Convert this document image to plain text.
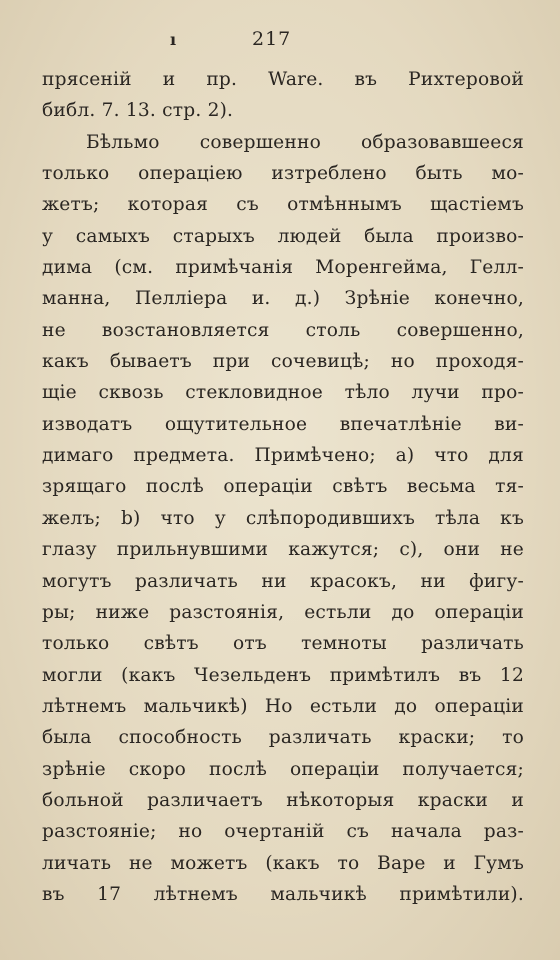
ı	217
прясеній и пр. Ware. въ Рихтеровой
библ. 7. 13. стр. 2).
Бѣльмо совершенно образовавшееся
только операціею изтреблено быть мо-
жетъ; которая съ отмѣннымъ щастіемъ
у самыхъ старыхъ людей была произво-
дима (см. примѣчанія Моренгейма, Гелл-
манна, Пеллiера и. д.) Зрѣніе конечно,
не возстановляется столь совершенно,
какъ бываетъ при сочевицѣ; но проходя-
щіе сквозь стекловидное тѣло лучи про-
изводатъ ощутительное впечатлѣніе ви-
димаго предмета. Примѣчено; а) что для
зрящаго послѣ операціи свѣтъ весьма тя-
желъ; b) что у слѣпородившихъ тѣла къ
глазу прильнувшими кажутся; с), они не
могутъ различать ни красокъ, ни фигу-
ры; ниже разстоянія, естьли до операціи
только свѣтъ отъ темноты различать
могли (какъ Чезельденъ примѣтилъ въ 12
лѣтнемъ мальчикѣ) Но естьли до операціи
была способность различать краски; то
зрѣніе скоро послѣ операціи получается;
больной различаетъ нѣкоторыя краски и
разстояніе; но очертаній съ начала раз-
личать не можетъ (какъ то Варе и Гумъ
въ 17 лѣтнемъ мальчикѣ примѣтили).
